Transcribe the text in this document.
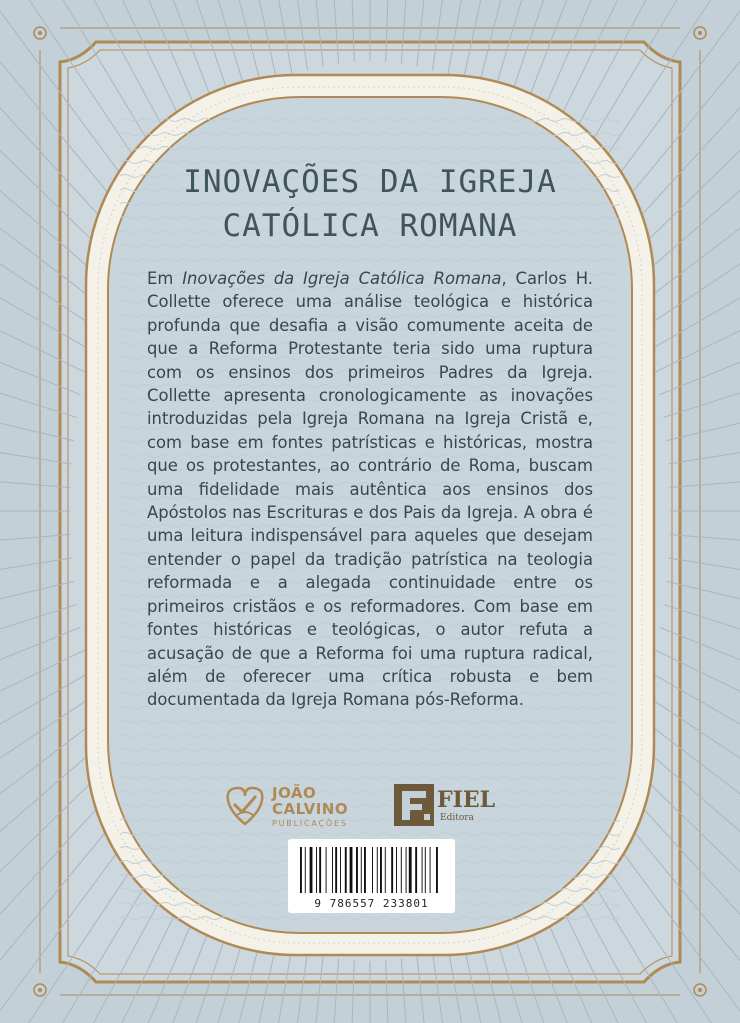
INOVAÇÕES DA IGREJA
CATÓLICA ROMANA

Em Inovações da Igreja Católica Romana, Carlos H. Collette oferece uma análise teológica e histórica profunda que desafia a visão comumente aceita de que a Reforma Protestante teria sido uma ruptura com os ensinos dos primeiros Padres da Igreja. Collette apresenta cronologicamente as inovações introduzidas pela Igreja Romana na Igreja Cristã e, com base em fontes patrísticas e históricas, mostra que os protestantes, ao contrário de Roma, buscam uma fidelidade mais autêntica aos ensinos dos Apóstolos nas Escrituras e dos Pais da Igreja. A obra é uma leitura indispensável para aqueles que desejam entender o papel da tradição patrística na teologia reformada e a alegada continuidade entre os primeiros cristãos e os reformadores. Com base em fontes históricas e teológicas, o autor refuta a acusação de que a Reforma foi uma ruptura radical, além de oferecer uma crítica robusta e bem documentada da Igreja Romana pós-Reforma.

JOÃO
CALVINO
PUBLICAÇÕES
FIEL
Editora
9 786557 233801
